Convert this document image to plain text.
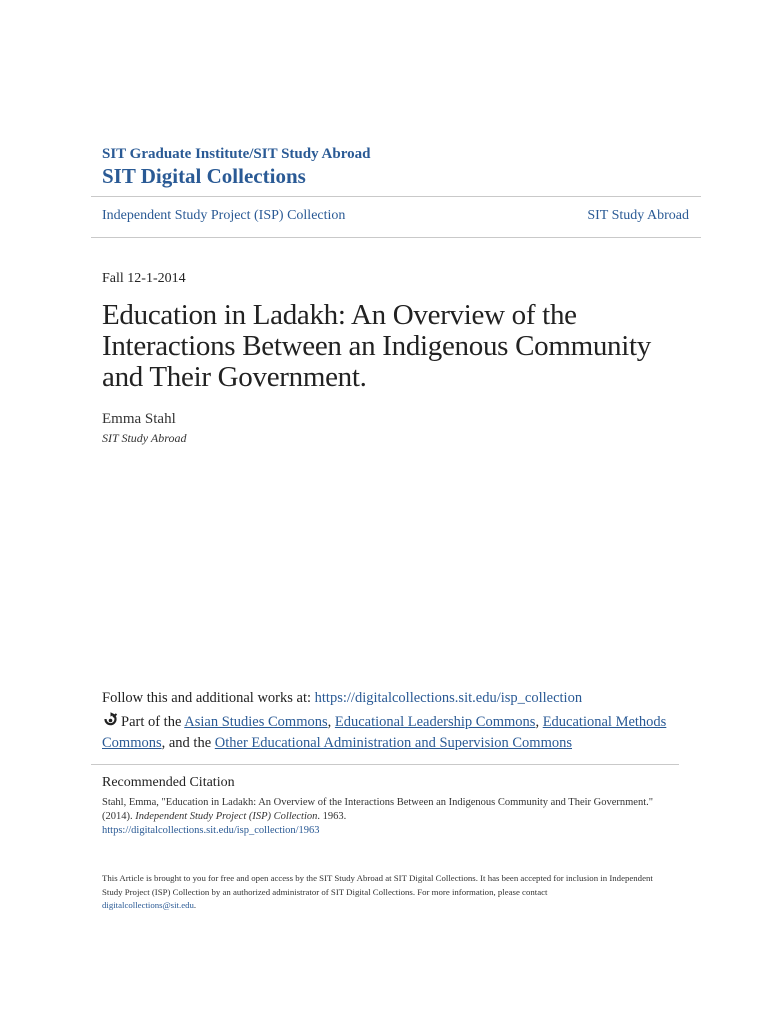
SIT Graduate Institute/SIT Study Abroad
SIT Digital Collections
Independent Study Project (ISP) Collection	SIT Study Abroad
Fall 12-1-2014
Education in Ladakh: An Overview of the Interactions Between an Indigenous Community and Their Government.
Emma Stahl
SIT Study Abroad
Follow this and additional works at: https://digitalcollections.sit.edu/isp_collection
Part of the Asian Studies Commons, Educational Leadership Commons, Educational Methods Commons, and the Other Educational Administration and Supervision Commons
Recommended Citation
Stahl, Emma, "Education in Ladakh: An Overview of the Interactions Between an Indigenous Community and Their Government." (2014). Independent Study Project (ISP) Collection. 1963.
https://digitalcollections.sit.edu/isp_collection/1963
This Article is brought to you for free and open access by the SIT Study Abroad at SIT Digital Collections. It has been accepted for inclusion in Independent Study Project (ISP) Collection by an authorized administrator of SIT Digital Collections. For more information, please contact
digitalcollections@sit.edu.
